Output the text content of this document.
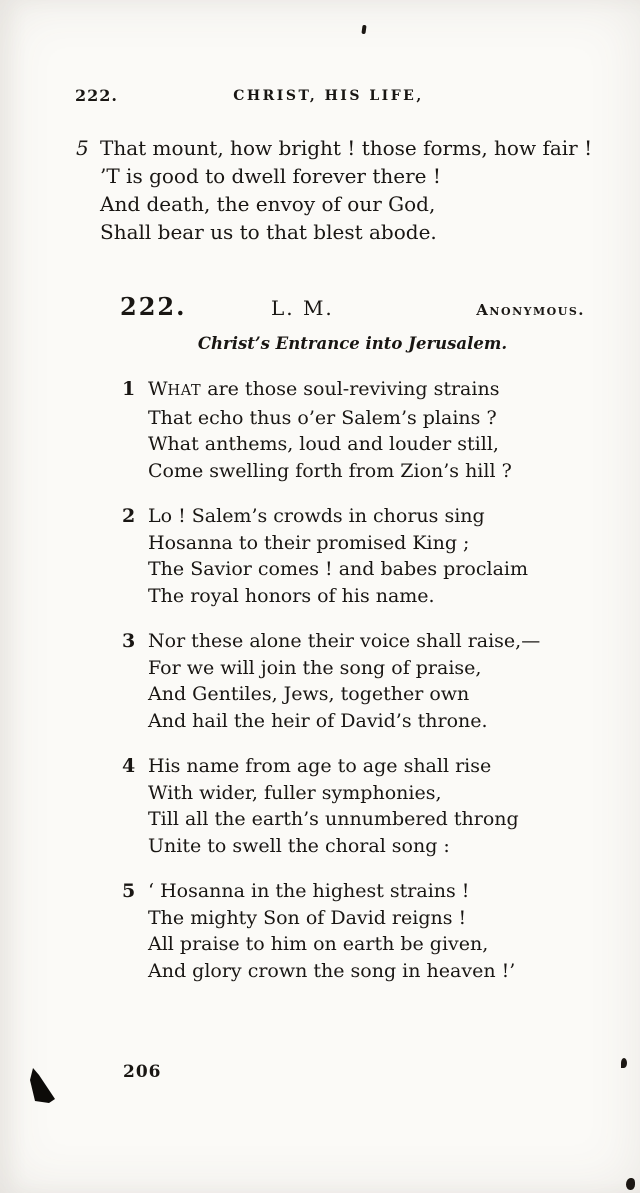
222.	CHRIST, HIS LIFE,
5 That mount, how bright ! those forms, how fair !
’T is good to dwell forever there !
And death, the envoy of our God,
Shall bear us to that blest abode.
222.	L. M.	Anonymous.
Christ’s Entrance into Jerusalem.
1 WHAT are those soul-reviving strains
That echo thus o’er Salem’s plains ?
What anthems, loud and louder still,
Come swelling forth from Zion’s hill ?
2 Lo ! Salem’s crowds in chorus sing
Hosanna to their promised King ;
The Savior comes ! and babes proclaim
The royal honors of his name.
3 Nor these alone their voice shall raise,—
For we will join the song of praise,
And Gentiles, Jews, together own
And hail the heir of David’s throne.
4 His name from age to age shall rise
With wider, fuller symphonies,
Till all the earth’s unnumbered throng
Unite to swell the choral song :
5 ‘ Hosanna in the highest strains !
The mighty Son of David reigns !
All praise to him on earth be given,
And glory crown the song in heaven !’
206
